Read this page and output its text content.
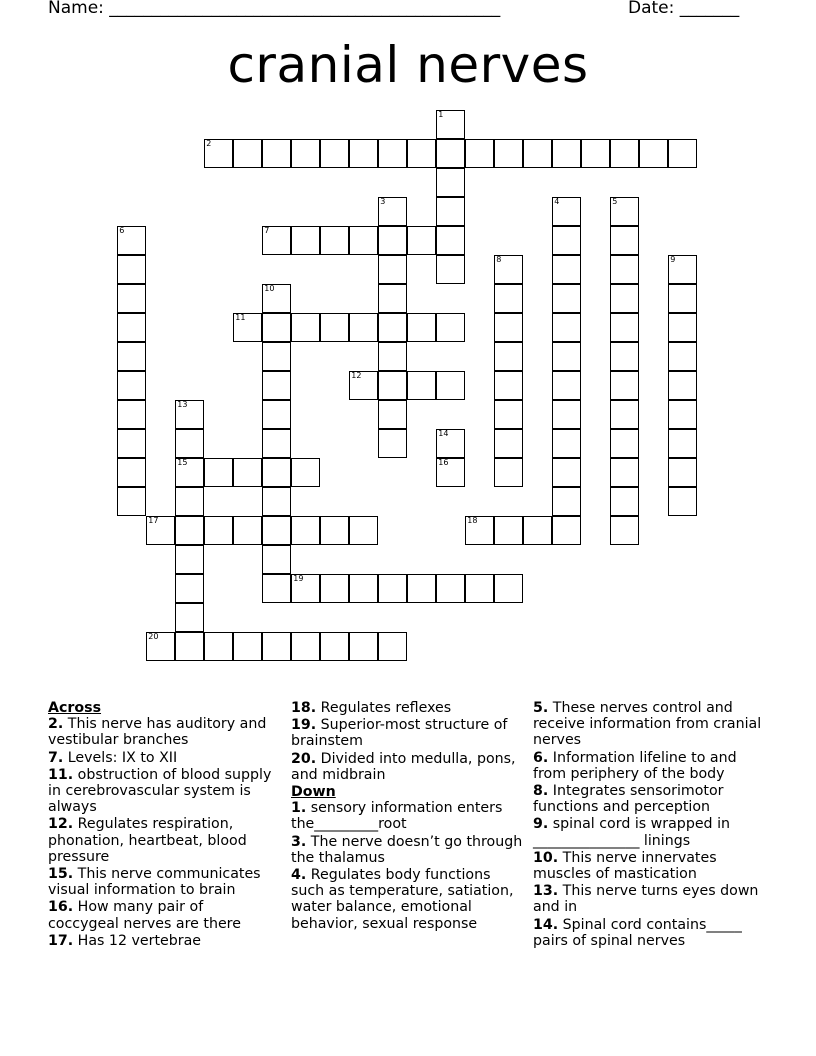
Name: ______________________________________________	Date: _______
cranial nerves
1
2
3	4	5
6	7
8	9
10
11
12
13
15
14
16
17	18
19
20

Across

2. This nerve has auditory and vestibular branches

7. Levels: IX to XII

11. obstruction of blood supply in cerebrovascular system is always

12. Regulates respiration, phonation, heartbeat, blood pressure

15. This nerve communicates visual information to brain

16. How many pair of coccygeal nerves are there

17. Has 12 vertebrae

18. Regulates reflexes

19. Superior-most structure of brainstem

20. Divided into medulla, pons, and midbrain

Down

1. sensory information enters the_________root

3. The nerve doesn’t go through the thalamus

4. Regulates body functions such as temperature, satiation, water balance, emotional behavior, sexual response

5. These nerves control and receive information from cranial nerves

6. Information lifeline to and from periphery of the body

8. Integrates sensorimotor functions and perception

9. spinal cord is wrapped in _______________ linings

10. This nerve innervates muscles of mastication

13. This nerve turns eyes down and in

14. Spinal cord contains_____ pairs of spinal nerves
